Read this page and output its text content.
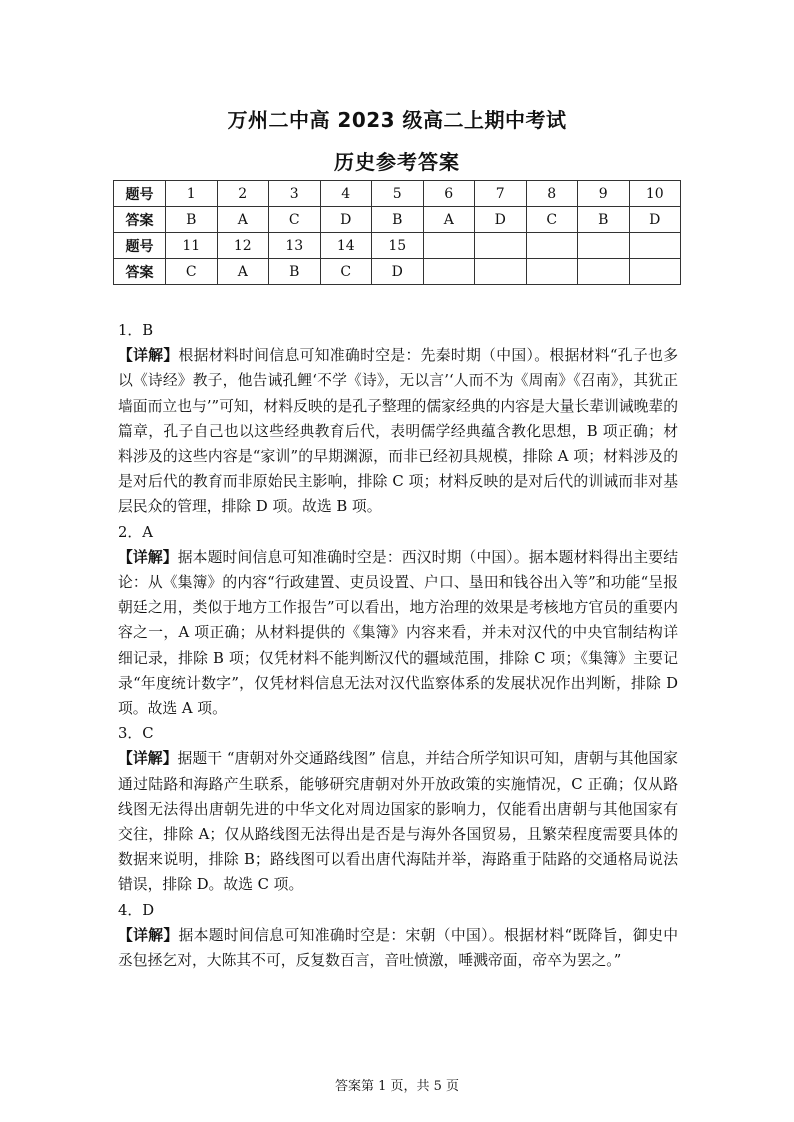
万州二中高 2023 级高二上期中考试
历史参考答案
题号	1	2	3	4	5	6	7	8	9	10
答案	B	A	C	D	B	A	D	C	B	D
题号	11	12	13	14	15					
答案	C	A	B	C	D					

1．B

【详解】根据材料时间信息可知准确时空是：先秦时期（中国）。根据材料“孔子也多以《诗经》教子，他告诫孔鲤‘不学《诗》，无以言’‘人而不为《周南》《召南》，其犹正墙面而立也与’”可知，材料反映的是孔子整理的儒家经典的内容是大量长辈训诫晚辈的篇章，孔子自己也以这些经典教育后代，表明儒学经典蕴含教化思想，B 项正确；材料涉及的这些内容是“家训”的早期渊源，而非已经初具规模，排除 A 项；材料涉及的是对后代的教育而非原始民主影响，排除 C 项；材料反映的是对后代的训诫而非对基层民众的管理，排除 D 项。故选 B 项。

2．A

【详解】据本题时间信息可知准确时空是：西汉时期（中国）。据本题材料得出主要结论：从《集簿》的内容“行政建置、吏员设置、户口、垦田和钱谷出入等”和功能“呈报朝廷之用，类似于地方工作报告”可以看出，地方治理的效果是考核地方官员的重要内容之一，A 项正确；从材料提供的《集簿》内容来看，并未对汉代的中央官制结构详细记录，排除 B 项；仅凭材料不能判断汉代的疆域范围，排除 C 项；《集簿》主要记录“年度统计数字”，仅凭材料信息无法对汉代监察体系的发展状况作出判断，排除 D 项。故选 A 项。

3．C

【详解】据题干 “唐朝对外交通路线图” 信息，并结合所学知识可知，唐朝与其他国家通过陆路和海路产生联系，能够研究唐朝对外开放政策的实施情况，C 正确；仅从路线图无法得出唐朝先进的中华文化对周边国家的影响力，仅能看出唐朝与其他国家有交往，排除 A；仅从路线图无法得出是否是与海外各国贸易，且繁荣程度需要具体的数据来说明，排除 B；路线图可以看出唐代海陆并举，海路重于陆路的交通格局说法错误，排除 D。故选 C 项。

4．D

【详解】据本题时间信息可知准确时空是：宋朝（中国）。根据材料“既降旨，御史中丞包拯乞对，大陈其不可，反复数百言，音吐愤激，唾溅帝面，帝卒为罢之。”

答案第 1 页，共 5 页
